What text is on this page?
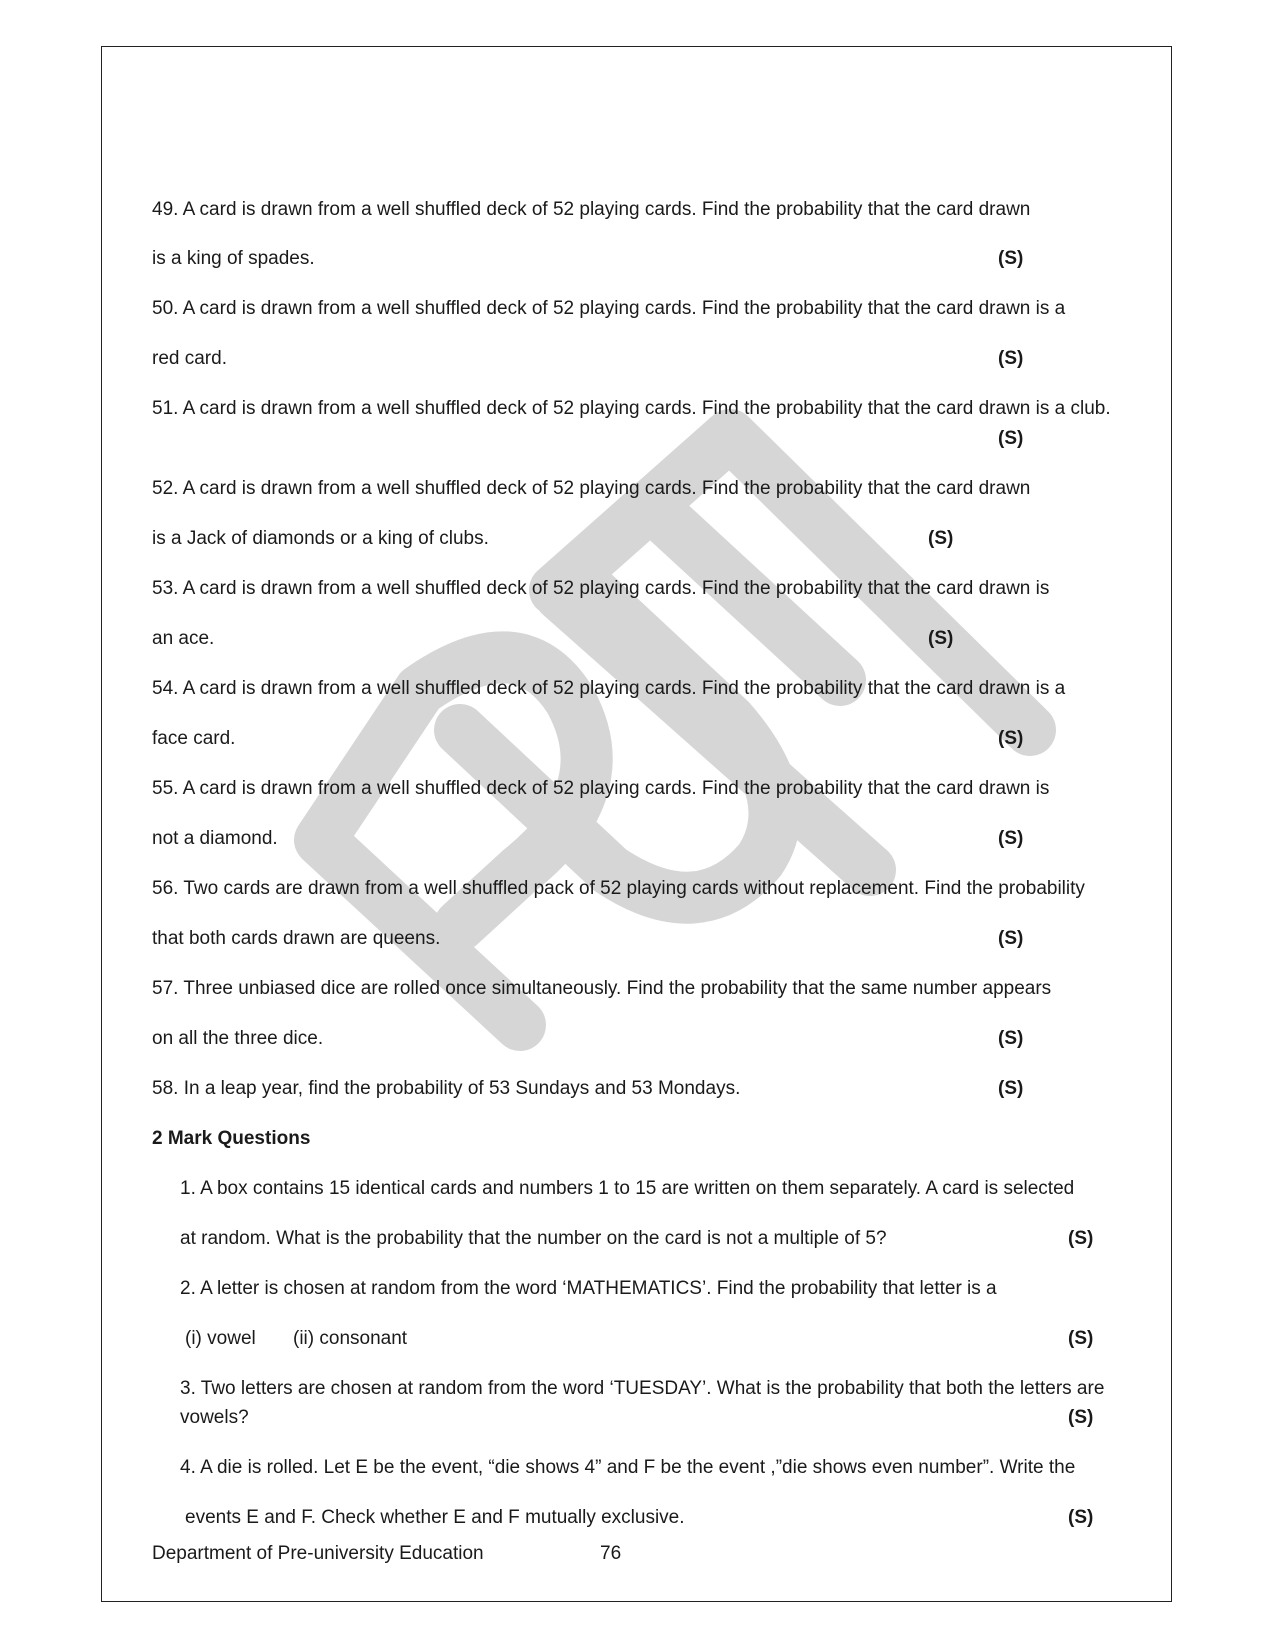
49. A card is drawn from a well shuffled deck of 52 playing cards. Find the probability that the card drawn
is a king of spades.	(S)
50. A card is drawn from a well shuffled deck of 52 playing cards. Find the probability that the card drawn is a
red card.	(S)
51. A card is drawn from a well shuffled deck of 52 playing cards. Find the probability that the card drawn is a club.
(S)
52. A card is drawn from a well shuffled deck of 52 playing cards. Find the probability that the card drawn
is a Jack of diamonds or a king of clubs.	(S)
53. A card is drawn from a well shuffled deck of 52 playing cards. Find the probability that the card drawn is
an ace.	(S)
54. A card is drawn from a well shuffled deck of 52 playing cards. Find the probability that the card drawn is a
face card.	(S)
55. A card is drawn from a well shuffled deck of 52 playing cards. Find the probability that the card drawn is
not a diamond.	(S)
56. Two cards are drawn from a well shuffled pack of 52 playing cards without replacement. Find the probability
that both cards drawn are queens.	(S)
57. Three unbiased dice are rolled once simultaneously. Find the probability that the same number appears
on all the three dice.	(S)
58. In a leap year, find the probability of 53 Sundays and 53 Mondays.	(S)
2 Mark Questions
1. A box contains 15 identical cards and numbers 1 to 15 are written on them separately. A card is selected
at random. What is the probability that the number on the card is not a multiple of 5?	(S)
2. A letter is chosen at random from the word ‘MATHEMATICS’. Find the probability that letter is a
(i) vowel (ii) consonant	(S)
3. Two letters are chosen at random from the word ‘TUESDAY’. What is the probability that both the letters are
vowels?	(S)
4. A die is rolled. Let E be the event, “die shows 4” and F be the event ,”die shows even number”. Write the
events E and F. Check whether E and F mutually exclusive.	(S)
Department of Pre-university Education	76
